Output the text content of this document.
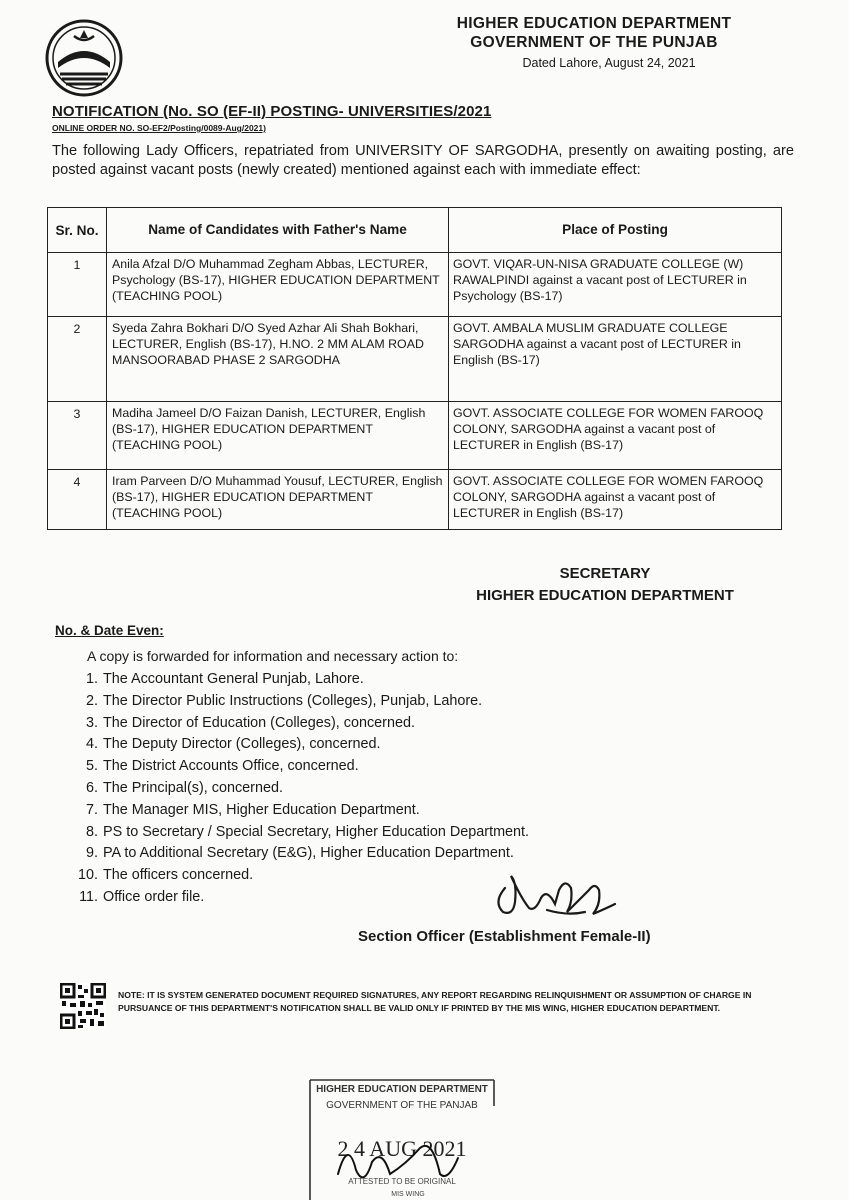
HIGHER EDUCATION DEPARTMENT
GOVERNMENT OF THE PUNJAB
Dated Lahore, August 24, 2021
NOTIFICATION (No. SO (EF-II) POSTING- UNIVERSITIES/2021
ONLINE ORDER NO. SO-EF2/Posting/0089-Aug/2021)
The following Lady Officers, repatriated from UNIVERSITY OF SARGODHA, presently on awaiting posting, are posted against vacant posts (newly created) mentioned against each with immediate effect:
Sr. No.	Name of Candidates with Father's Name	Place of Posting
1	Anila Afzal D/O Muhammad Zegham Abbas, LECTURER, Psychology (BS-17), HIGHER EDUCATION DEPARTMENT (TEACHING POOL)	GOVT. VIQAR-UN-NISA GRADUATE COLLEGE (W) RAWALPINDI against a vacant post of LECTURER in Psychology (BS-17)
2	Syeda Zahra Bokhari D/O Syed Azhar Ali Shah Bokhari, LECTURER, English (BS-17), H.NO. 2 MM ALAM ROAD MANSOORABAD PHASE 2 SARGODHA	GOVT. AMBALA MUSLIM GRADUATE COLLEGE SARGODHA against a vacant post of LECTURER in English (BS-17)
3	Madiha Jameel D/O Faizan Danish, LECTURER, English (BS-17), HIGHER EDUCATION DEPARTMENT (TEACHING POOL)	GOVT. ASSOCIATE COLLEGE FOR WOMEN FAROOQ COLONY, SARGODHA against a vacant post of LECTURER in English (BS-17)
4	Iram Parveen D/O Muhammad Yousuf, LECTURER, English (BS-17), HIGHER EDUCATION DEPARTMENT (TEACHING POOL)	GOVT. ASSOCIATE COLLEGE FOR WOMEN FAROOQ COLONY, SARGODHA against a vacant post of LECTURER in English (BS-17)
SECRETARY
HIGHER EDUCATION DEPARTMENT
No. & Date Even:
A copy is forwarded for information and necessary action to:
1. The Accountant General Punjab, Lahore.
2. The Director Public Instructions (Colleges), Punjab, Lahore.
3. The Director of Education (Colleges), concerned.
4. The Deputy Director (Colleges), concerned.
5. The District Accounts Office, concerned.
6. The Principal(s), concerned.
7. The Manager MIS, Higher Education Department.
8. PS to Secretary / Special Secretary, Higher Education Department.
9. PA to Additional Secretary (E&G), Higher Education Department.
10. The officers concerned.
11. Office order file.
Section Officer (Establishment Female-II)
NOTE: IT IS SYSTEM GENERATED DOCUMENT REQUIRED SIGNATURES, ANY REPORT REGARDING RELINQUISHMENT OR ASSUMPTION OF CHARGE IN PURSUANCE OF THIS DEPARTMENT'S NOTIFICATION SHALL BE VALID ONLY IF PRINTED BY THE MIS WING, HIGHER EDUCATION DEPARTMENT.
HIGHER EDUCATION DEPARTMENT
GOVERNMENT OF THE PANJAB
2 4 AUG 2021
ATTESTED TO BE ORIGINAL
MIS WING
